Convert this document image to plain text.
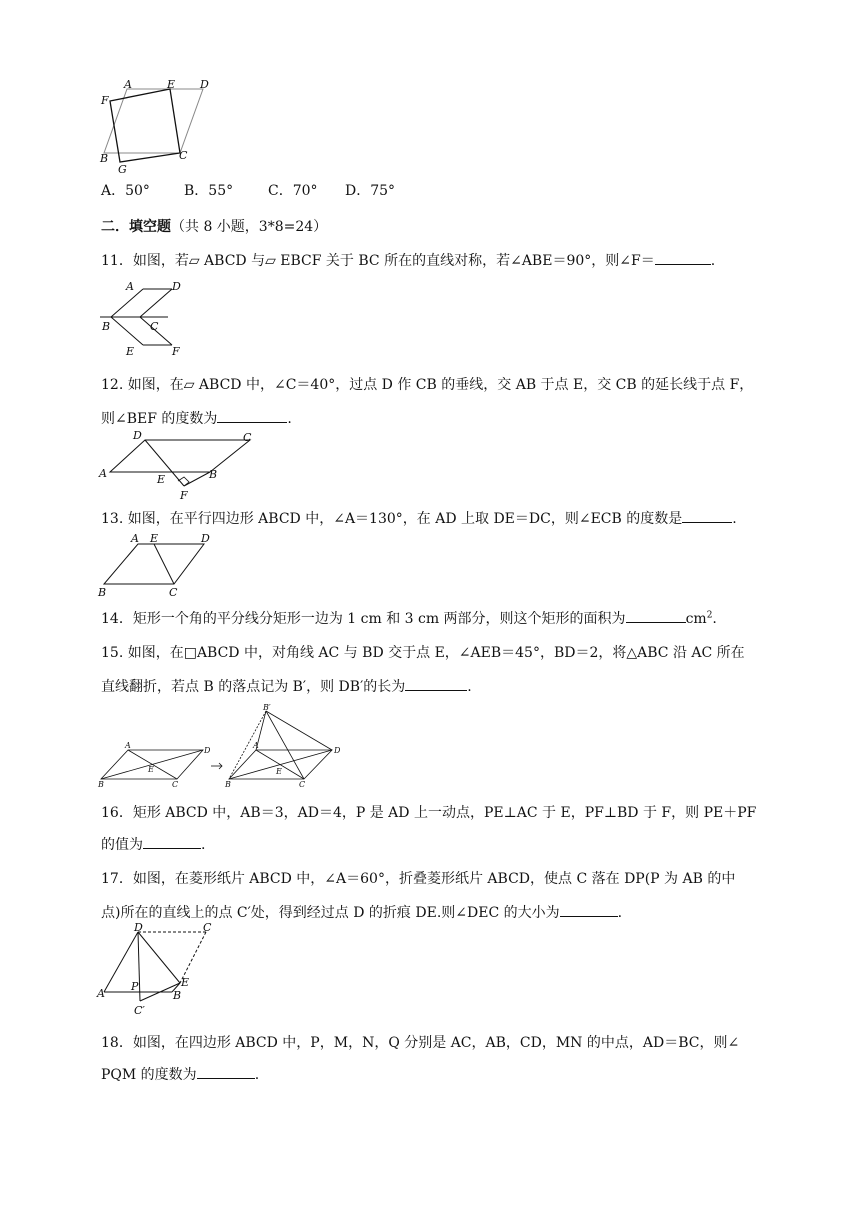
A	E D
F
B
G
C
A．50° B．55° C．70° D．75°
二．填空题（共 8 小题，3*8=24）
11．如图，若▱ ABCD 与▱ EBCF 关于 BC 所在的直线对称，若∠ABE＝90°，则∠F＝	.
A	D
B	C
E	F
12. 如图，在▱ ABCD 中，∠C＝40°，过点 D 作 CB 的垂线，交 AB 于点 E，交 CB 的延长线于点 F，
则∠BEF 的度数为	.
D	C
A	E	B
F
13. 如图，在平行四边形 ABCD 中，∠A＝130°，在 AD 上取 DE＝DC，则∠ECB 的度数是	.
A E	D
B	C
14．矩形一个角的平分线分矩形一边为 1 cm 和 3 cm 两部分，则这个矩形的面积为	$cm^2$.
15. 如图，在□ABCD 中，对角线 AC 与 BD 交于点 E，∠AEB＝45°，BD＝2，将△ABC 沿 AC 所在
直线翻折，若点 B 的落点记为 B′，则 DB′的长为	.
A
D
B
E
C
B′
A
D
B
E
C
16．矩形 ABCD 中，AB＝3，AD＝4，P 是 AD 上一动点，PE⊥AC 于 E，PF⊥BD 于 F，则 PE＋PF
的值为	.
17．如图，在菱形纸片 ABCD 中，∠A＝60°，折叠菱形纸片 ABCD，使点 C 落在 DP(P 为 AB 的中
点)所在的直线上的点 C′处，得到经过点 D 的折痕 DE.则∠DEC 的大小为	.
D	C
E
A
P
B
C′
18．如图，在四边形 ABCD 中，P，M，N，Q 分别是 AC，AB，CD，MN 的中点，AD＝BC，则∠
PQM 的度数为	.
